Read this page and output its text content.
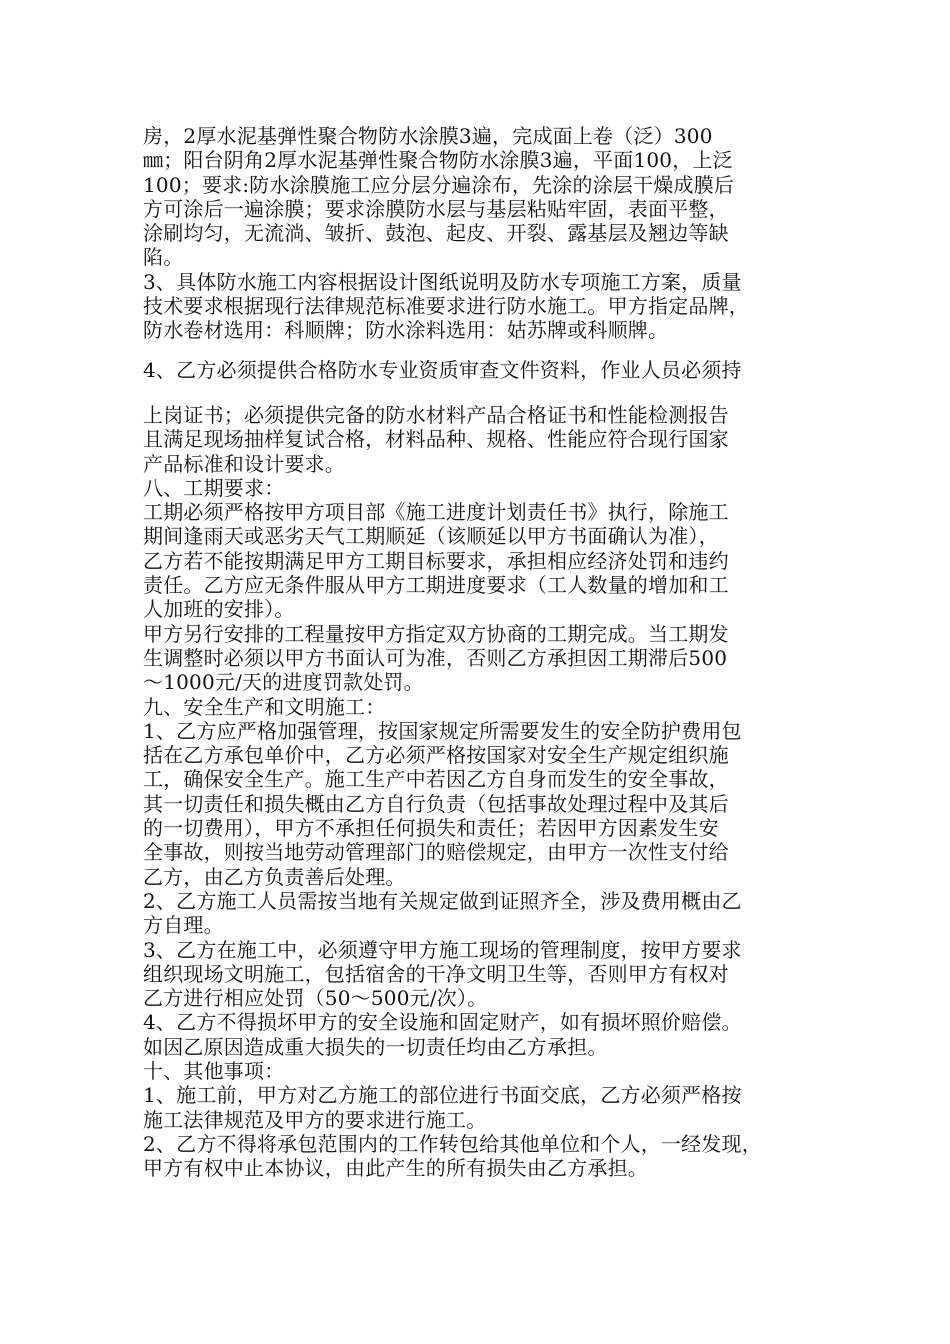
房，2厚水泥基弹性聚合物防水涂膜3遍，完成面上卷（泛）300
㎜；阳台阴角2厚水泥基弹性聚合物防水涂膜3遍，平面100，上泛
100；要求:防水涂膜施工应分层分遍涂布，先涂的涂层干燥成膜后
方可涂后一遍涂膜；要求涂膜防水层与基层粘贴牢固，表面平整，
涂刷均匀，无流淌、皱折、鼓泡、起皮、开裂、露基层及翘边等缺
陷。
3、具体防水施工内容根据设计图纸说明及防水专项施工方案，质量
技术要求根据现行法律规范标准要求进行防水施工。甲方指定品牌，
防水卷材选用：科顺牌；防水涂料选用：姑苏牌或科顺牌。
4、乙方必须提供合格防水专业资质审查文件资料，作业人员必须持
上岗证书；必须提供完备的防水材料产品合格证书和性能检测报告
且满足现场抽样复试合格，材料品种、规格、性能应符合现行国家
产品标准和设计要求。
八、工期要求：
工期必须严格按甲方项目部《施工进度计划责任书》执行，除施工
期间逢雨天或恶劣天气工期顺延（该顺延以甲方书面确认为准），
乙方若不能按期满足甲方工期目标要求，承担相应经济处罚和违约
责任。乙方应无条件服从甲方工期进度要求（工人数量的增加和工
人加班的安排）。
甲方另行安排的工程量按甲方指定双方协商的工期完成。当工期发
生调整时必须以甲方书面认可为准，否则乙方承担因工期滞后500
～1000元/天的进度罚款处罚。
九、安全生产和文明施工：
1、乙方应严格加强管理，按国家规定所需要发生的安全防护费用包
括在乙方承包单价中，乙方必须严格按国家对安全生产规定组织施
工，确保安全生产。施工生产中若因乙方自身而发生的安全事故，
其一切责任和损失概由乙方自行负责（包括事故处理过程中及其后
的一切费用），甲方不承担任何损失和责任；若因甲方因素发生安
全事故，则按当地劳动管理部门的赔偿规定，由甲方一次性支付给
乙方，由乙方负责善后处理。
2、乙方施工人员需按当地有关规定做到证照齐全，涉及费用概由乙
方自理。
3、乙方在施工中，必须遵守甲方施工现场的管理制度，按甲方要求
组织现场文明施工，包括宿舍的干净文明卫生等，否则甲方有权对
乙方进行相应处罚（50～500元/次）。
4、乙方不得损坏甲方的安全设施和固定财产，如有损坏照价赔偿。
如因乙原因造成重大损失的一切责任均由乙方承担。
十、其他事项：
1、施工前，甲方对乙方施工的部位进行书面交底，乙方必须严格按
施工法律规范及甲方的要求进行施工。
2、乙方不得将承包范围内的工作转包给其他单位和个人，一经发现，
甲方有权中止本协议，由此产生的所有损失由乙方承担。
